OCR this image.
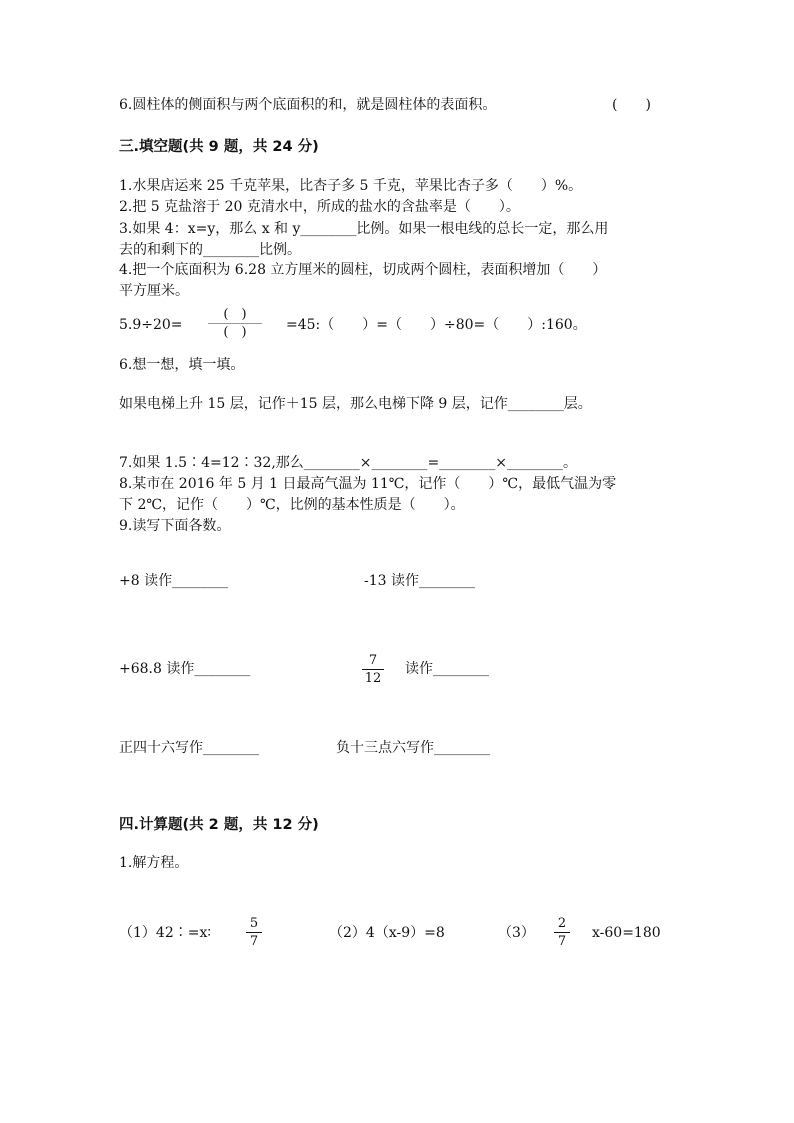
6.圆柱体的侧面积与两个底面积的和，就是圆柱体的表面积。	(　　)
三.填空题(共 9 题，共 24 分)
1.水果店运来 25 千克苹果，比杏子多 5 千克，苹果比杏子多（　　）%。
2.把 5 克盐溶于 20 克清水中，所成的盐水的含盐率是（　　）。
3.如果 4：x=y，那么 x 和 y________比例。如果一根电线的总长一定，那么用
去的和剩下的________比例。
4.把一个底面积为 6.28 立方厘米的圆柱，切成两个圆柱，表面积增加（　　）
平方厘米。
5.9÷20=
(　)
(　)	=45:（　　）=（　　）÷80=（　　）:160。
6.想一想，填一填。
如果电梯上升 15 层，记作＋15 层，那么电梯下降 9 层，记作________层。
7.如果 1.5∶4=12∶32,那么________×________=________×________。
8.某市在 2016 年 5 月 1 日最高气温为 11℃，记作（　　）℃，最低气温为零
下 2℃，记作（　　）℃，比例的基本性质是（　　）。
9.读写下面各数。
+8 读作________	-13 读作________
+68.8 读作________
7
12
读作________
正四十六写作________	负十三点六写作________
四.计算题(共 2 题，共 12 分)
1.解方程。
（1）42∶=x∶
5
7
（2）4（x-9）=8	（3）
2
7
x-60=180
